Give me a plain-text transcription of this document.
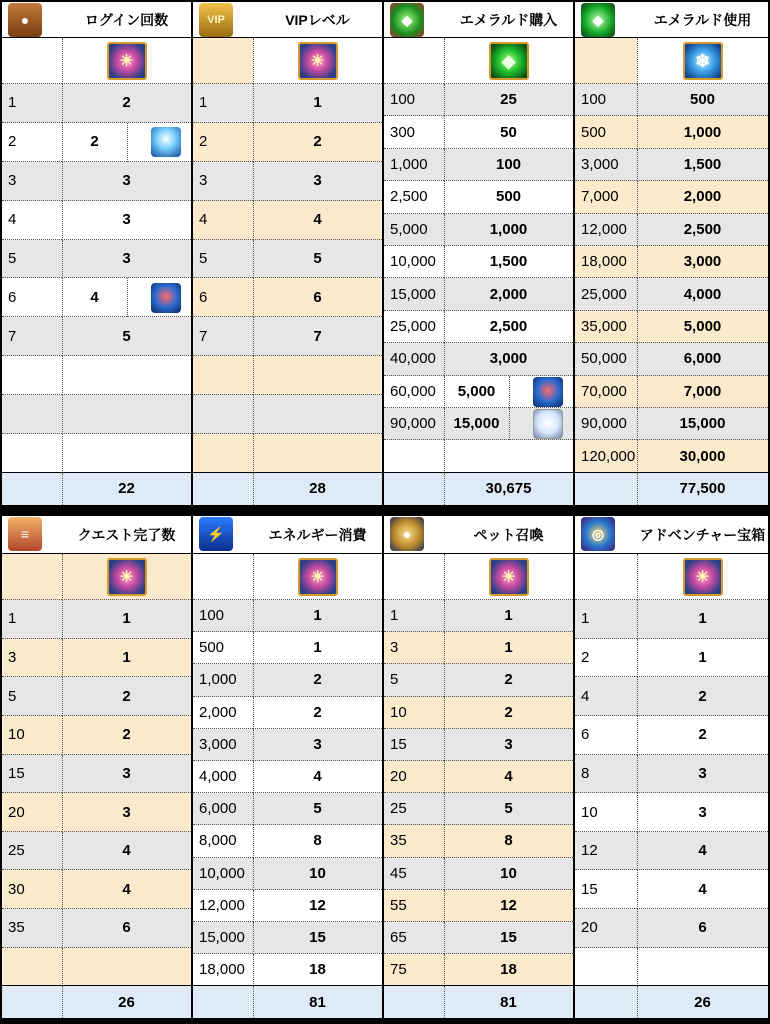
●	ログイン回数
☀
1	2
2	2
3	3
4	3
5	3
6	4
7	5
22
VIP	VIPレベル
☀
1	1
2	2
3	3
4	4
5	5
6	6
7	7
28
◆	エメラルド購入
◆
100	25
300	50
1,000	100
2,500	500
5,000	1,000
10,000	1,500
15,000	2,000
25,000	2,500
40,000	3,000
60,000	5,000
90,000	15,000
30,675
◆	エメラルド使用
❄
100	500
500	1,000
3,000	1,500
7,000	2,000
12,000	2,500
18,000	3,000
25,000	4,000
35,000	5,000
50,000	6,000
70,000	7,000
90,000	15,000
120,000	30,000
77,500
≡	クエスト完了数
☀
1	1
3	1
5	2
10	2
15	3
20	3
25	4
30	4
35	6
26
⚡	エネルギー消費
☀
100	1
500	1
1,000	2
2,000	2
3,000	3
4,000	4
6,000	5
8,000	8
10,000	10
12,000	12
15,000	15
18,000	18
81
●	ペット召喚
☀
1	1
3	1
5	2
10	2
15	3
20	4
25	5
35	8
45	10
55	12
65	15
75	18
81
◎	アドベンチャー宝箱
☀
1	1
2	1
4	2
6	2
8	3
10	3
12	4
15	4
20	6
26
